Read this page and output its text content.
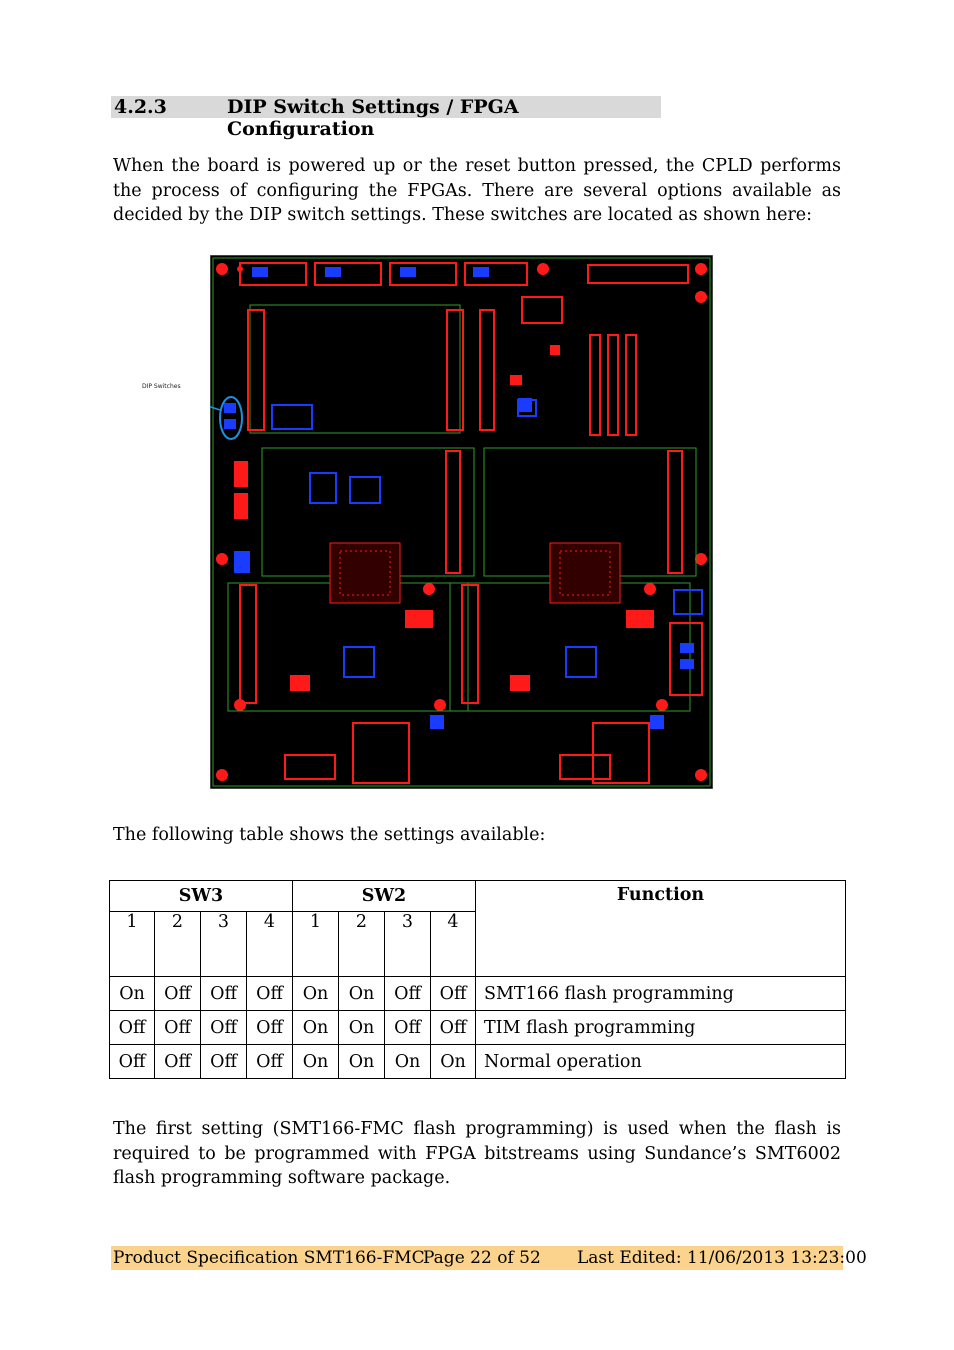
4.2.3	DIP Switch Settings / FPGA Configuration
When the board is powered up or the reset button pressed, the CPLD performs the process of configuring the FPGAs. There are several options available as decided by the DIP switch settings. These switches are located as shown here:
DIP Switches
The following table shows the settings available:
SW3				SW2				Function
1	2	3	4	1	2	3	4	
On	Off	Off	Off	On	On	Off	Off	SMT166 flash programming
Off	Off	Off	Off	On	On	Off	Off	TIM flash programming
Off	Off	Off	Off	On	On	On	On	Normal operation
The first setting (SMT166-FMC flash programming) is used when the flash is required to be programmed with FPGA bitstreams using Sundance’s SMT6002 flash programming software package.
Product Specification SMT166-FMC
Page 22 of 52 Last Edited: 11/06/2013 13:23:00
